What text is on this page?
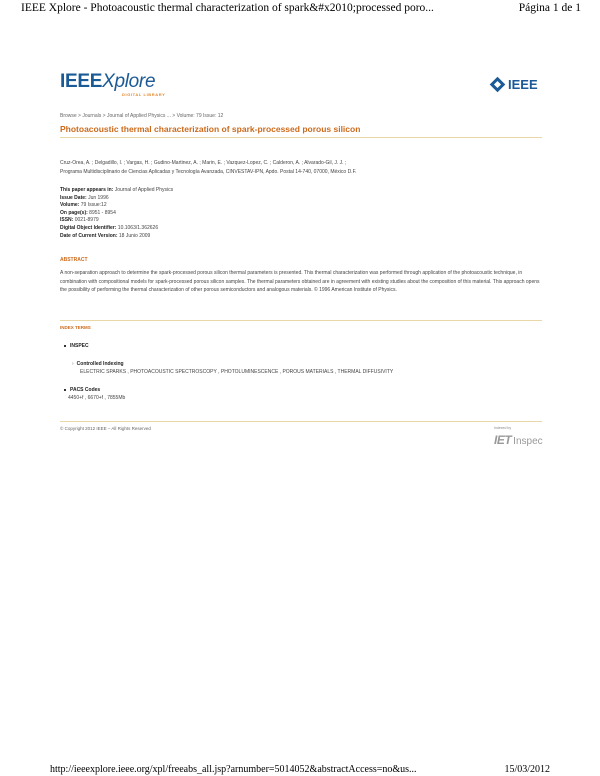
IEEE Xplore - Photoacoustic thermal characterization of spark&#x2010;processed poro...	Página 1 de 1
IEEEXplore
DIGITAL LIBRARY
IEEE
Browse > Journals > Journal of Applied Physics ... > Volume: 79 Issue: 12
Photoacoustic thermal characterization of spark-processed porous silicon
Cruz-Orea, A. ; Delgadillo, I. ; Vargas, H. ; Gudino-Martinez, A. ; Marin, E. ; Vazquez-Lopez, C. ; Calderon, A. ; Alvarado-Gil, J. J. ;
Programa Multidisciplinario de Ciencias Aplicadas y Tecnología Avanzada, CINVESTAV-IPN, Apdo. Postal 14-740, 07000, México D.F.
This paper appears in: Journal of Applied Physics
Issue Date: Jun 1996
Volume: 79 Issue:12
On page(s): 8951 - 8954
ISSN: 0021-8979
Digital Object Identifier: 10.1063/1.362626
Date of Current Version: 18 Junio 2009
ABSTRACT
A non-separation approach to determine the spark-processed porous silicon thermal parameters is presented. This thermal characterization was performed through application of the photoacoustic technique, in combination with compositional models for spark-processed porous silicon samples. The thermal parameters obtained are in agreement with existing studies about the composition of this material. This approach opens the possibility of performing the thermal characterization of other porous semiconductors and analogous materials. © 1996 American Institute of Physics.
INDEX TERMS
INSPEC
› Controlled Indexing
ELECTRIC SPARKS , PHOTOACOUSTIC SPECTROSCOPY , PHOTOLUMINESCENCE , POROUS MATERIALS , THERMAL DIFFUSIVITY
PACS Codes
4450+f , 6670+f , 7855Mb
© Copyright 2012 IEEE – All Rights Reserved	Indexed by
IET Inspec
http://ieeexplore.ieee.org/xpl/freeabs_all.jsp?arnumber=5014052&abstractAccess=no&us...	15/03/2012
